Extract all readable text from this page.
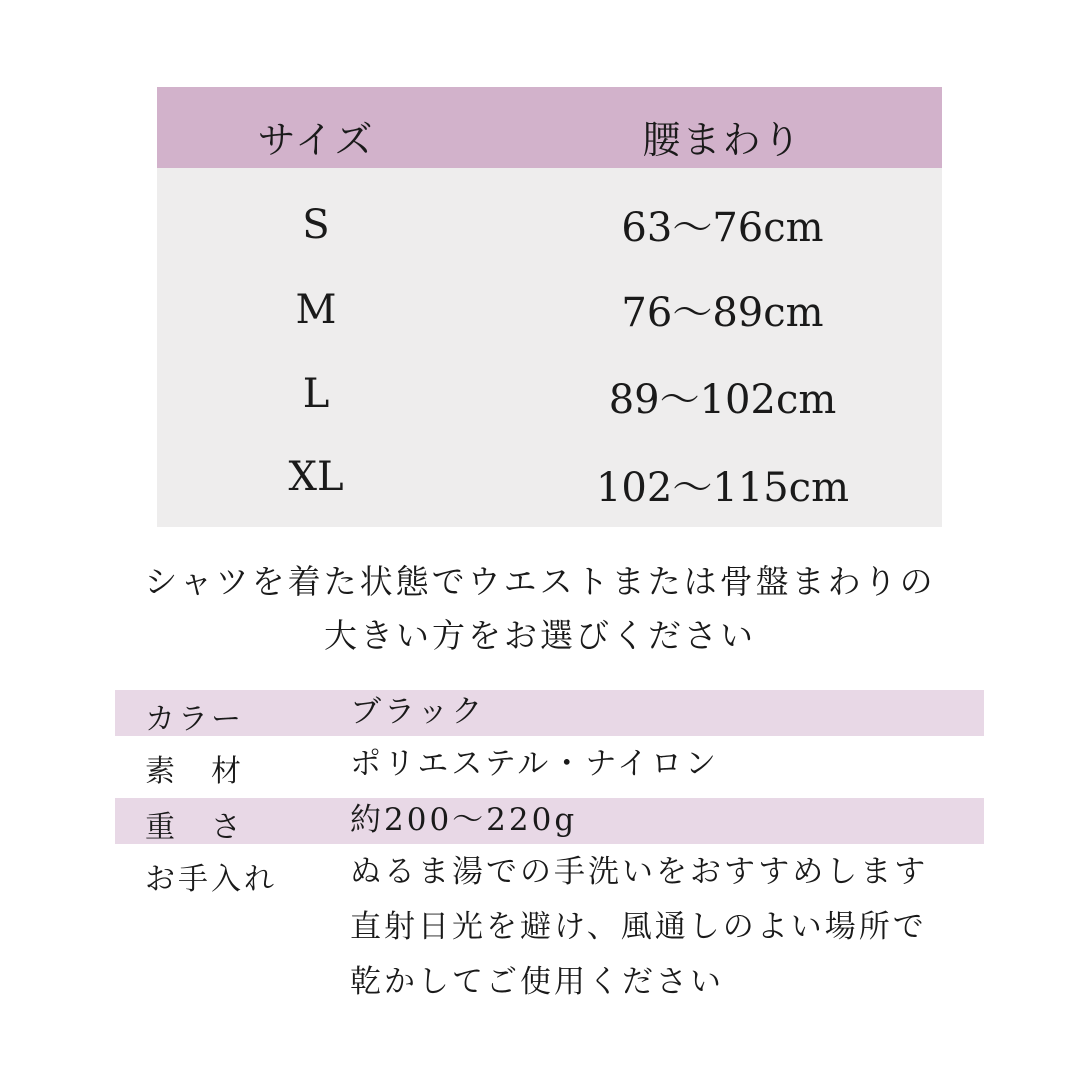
サイズ	腰まわり
S	63〜76cm
M	76〜89cm
L	89〜102cm
XL	102〜115cm
シャツを着た状態でウエストまたは骨盤まわりの
大きい方をお選びください
カラー	ブラック
素　材	ポリエステル・ナイロン
重　さ	約200〜220g
お手入れ ぬるま湯での手洗いをおすすめします
直射日光を避け、風通しのよい場所で
乾かしてご使用ください
